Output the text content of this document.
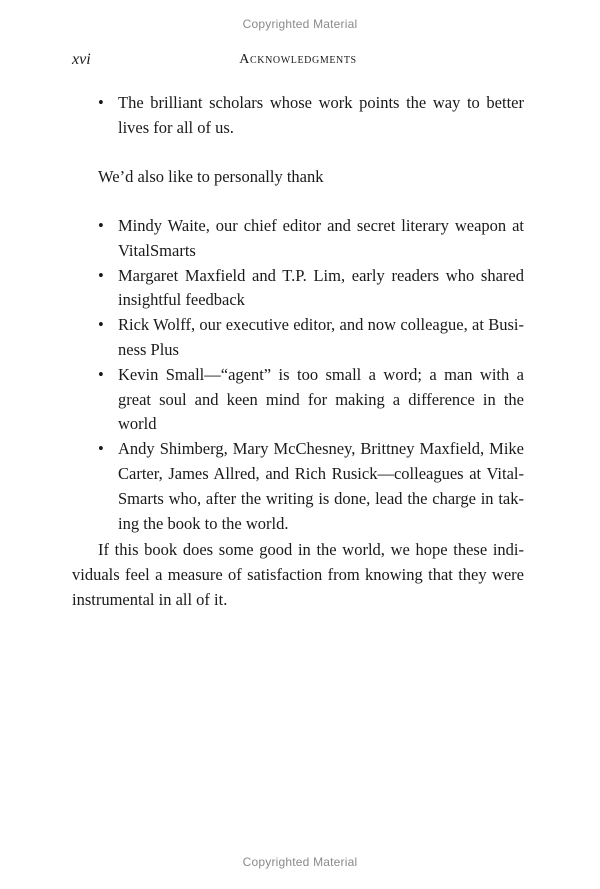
Copyrighted Material
xvi	Acknowledgments
• The brilliant scholars whose work points the way to better lives for all of us.

We’d also like to personally thank

• Mindy Waite, our chief editor and secret literary weapon at VitalSmarts
• Margaret Maxfield and T.P. Lim, early readers who shared insightful feedback
• Rick Wolff, our executive editor, and now colleague, at Business Plus
• Kevin Small—“agent” is too small a word; a man with a great soul and keen mind for making a difference in the world
• Andy Shimberg, Mary McChesney, Brittney Maxfield, Mike Carter, James Allred, and Rich Rusick—colleagues at VitalSmarts who, after the writing is done, lead the charge in taking the book to the world.

If this book does some good in the world, we hope these individuals feel a measure of satisfaction from knowing that they were instrumental in all of it.

Copyrighted Material
